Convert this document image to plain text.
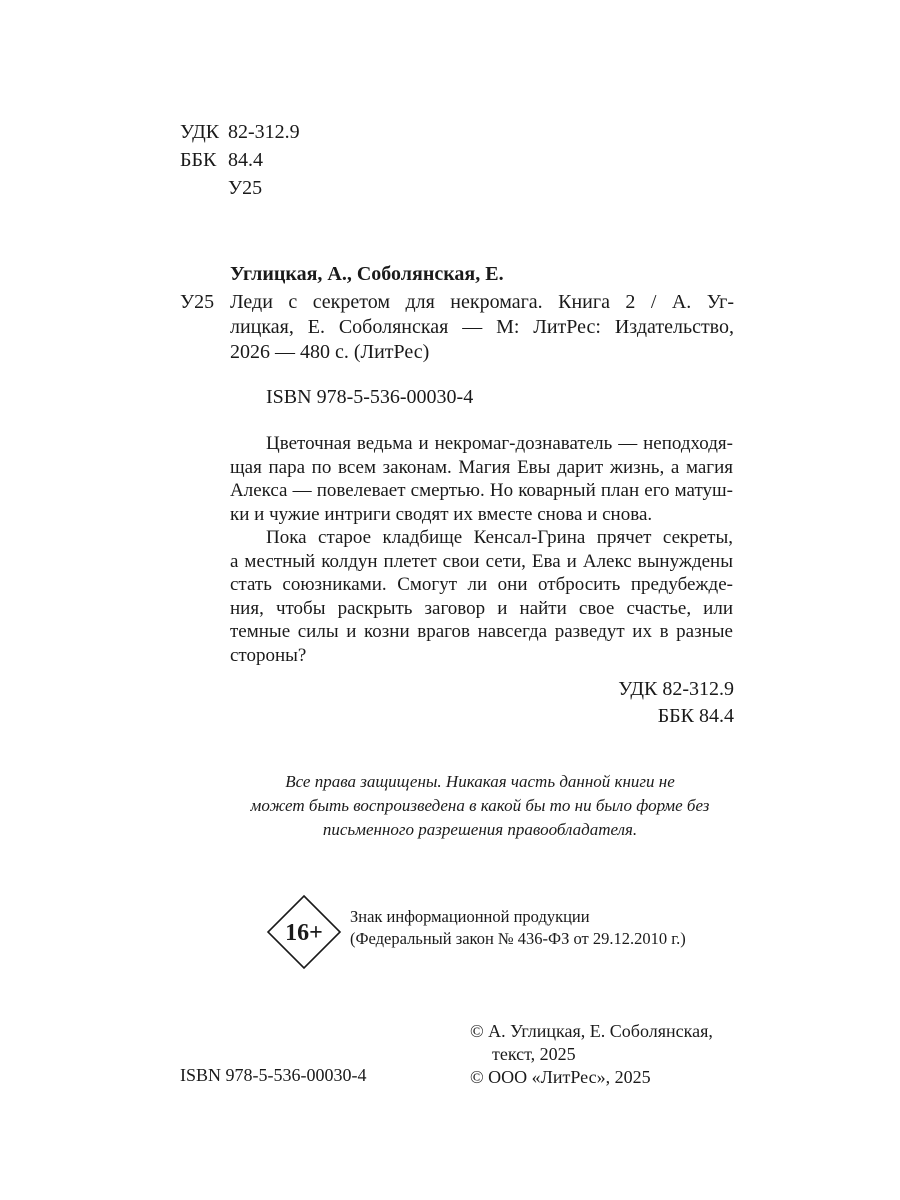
УДК 82-312.9
ББК 84.4
У25
Углицкая, А., Соболянская, Е.
У25 Леди с секретом для некромага. Книга 2 / А. Уг-
лицкая, Е. Соболянская — М: ЛитРес: Издательство,
2026 — 480 с. (ЛитРес)
ISBN 978-5-536-00030-4
Цветочная ведьма и некромаг-дознаватель — неподходя-
щая пара по всем законам. Магия Евы дарит жизнь, а магия
Алекса — повелевает смертью. Но коварный план его матуш-
ки и чужие интриги сводят их вместе снова и снова.
Пока старое кладбище Кенсал-Грина прячет секреты,
а местный колдун плетет свои сети, Ева и Алекс вынуждены
стать союзниками. Смогут ли они отбросить предубежде-
ния, чтобы раскрыть заговор и найти свое счастье, или
темные силы и козни врагов навсегда разведут их в разные
стороны?
УДК 82-312.9
ББК 84.4
Все права защищены. Никакая часть данной книги не
может быть воспроизведена в какой бы то ни было форме без
письменного разрешения правообладателя.
16+
Знак информационной продукции
(Федеральный закон № 436-ФЗ от 29.12.2010 г.)
ISBN 978-5-536-00030-4
© А. Углицкая, Е. Соболянская,
текст, 2025
© ООО «ЛитРес», 2025
